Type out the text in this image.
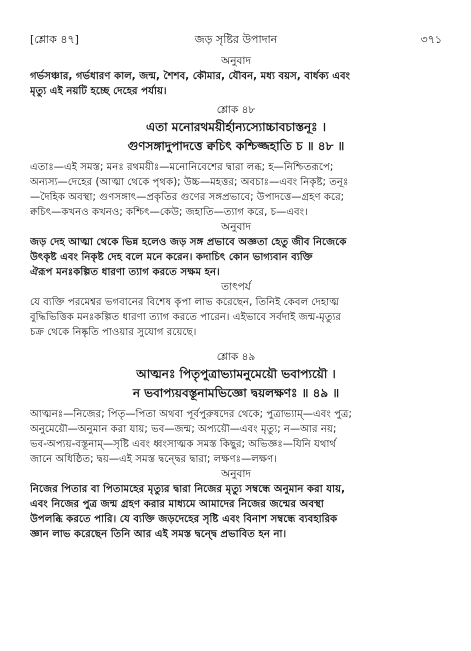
[শ্লোক ৪৭]	জড় সৃষ্টির উপাদান	৩৭১
অনুবাদ

গর্ভসঞ্চার, গর্ভধারণ কাল, জন্ম, শৈশব, কৌমার, যৌবন, মধ্য বয়স, বার্ধক্য এবং

মৃত্যু এই নয়টি হচ্ছে দেহের পর্যায়।

শ্লোক ৪৮
এতা মনোরথময়ীর্হান্যস্যোচ্চাবচাস্তনূঃ ।
গুণসঙ্গাদুপাদত্তে ক্বচিৎ কশ্চিজ্জহাতি চ ॥ ৪৮ ॥

এতাঃ—এই সমস্ত; মনঃ রথময়ীঃ—মনোনিবেশের দ্বারা লব্ধ; হ—নিশ্চিতরূপে;

অন্যস্য—দেহের (আত্মা থেকে পৃথক); উচ্চ—মহত্তর; অবচাঃ—এবং নিকৃষ্ট; তনূঃ

—দৈহিক অবস্থা; গুণসঙ্গাৎ—প্রকৃতির গুণের সঙ্গপ্রভাবে; উপাদত্তে—গ্রহণ করে;

ক্বচিৎ—কখনও কখনও; কশ্চিৎ—কেউ; জহাতি—ত্যাগ করে, চ—এবং।

অনুবাদ

জড় দেহ আত্মা থেকে ভিন্ন হলেও জড় সঙ্গ প্রভাবে অজ্ঞতা হেতু জীব নিজেকে

উৎকৃষ্ট এবং নিকৃষ্ট দেহ বলে মনে করেন। কদাচিৎ কোন ভাগ্যবান ব্যক্তি

ঐরূপ মনঃকল্পিত ধারণা ত্যাগ করতে সক্ষম হন।

তাৎপর্য

যে ব্যক্তি পরমেশ্বর ভগবানের বিশেষ কৃপা লাভ করেছেন, তিনিই কেবল দেহাত্ম

বুদ্ধিভিত্তিক মনঃকল্পিত ধারণা ত্যাগ করতে পারেন। এইভাবে সর্বদাই জন্ম-মৃত্যুর

চক্র থেকে নিষ্কৃতি পাওয়ার সুযোগ রয়েছে।

শ্লোক ৪৯
আত্মনঃ পিতৃপুত্রাভ্যামনুমেয়ৌ ভবাপ্যয়ৌ ।
ন ভবাপ্যয়বস্তূনামভিজ্ঞো দ্বয়লক্ষণঃ ॥ ৪৯ ॥

আত্মনঃ—নিজের; পিতৃ—পিতা অথবা পূর্বপুরুষদের থেকে; পুত্রাভ্যাম্—এবং পুত্র;

অনুমেয়ৌ—অনুমান করা যায়; ভব—জন্ম; অপ্যয়ৌ—এবং মৃত্যু; ন—আর নয়;

ভব-অপ্যয়-বস্তূনাম্—সৃষ্টি এবং ধ্বংসাত্মক সমস্ত কিছুর; অভিজ্ঞঃ—যিনি যথার্থ

জানে অধিষ্ঠিত; দ্বয়—এই সমস্ত দ্বন্দ্বের দ্বারা; লক্ষণঃ—লক্ষণ।

অনুবাদ

নিজের পিতার বা পিতামহের মৃত্যুর দ্বারা নিজের মৃত্যু সম্বন্ধে অনুমান করা যায়,

এবং নিজের পুত্র জন্ম গ্রহণ করার মাধ্যমে আমাদের নিজের জন্মের অবস্থা

উপলব্ধি করতে পারি। যে ব্যক্তি জড়দেহের সৃষ্টি এবং বিনাশ সম্বন্ধে ব্যবহারিক

জ্ঞান লাভ করেছেন তিনি আর এই সমস্ত দ্বন্দ্বে প্রভাবিত হন না।
